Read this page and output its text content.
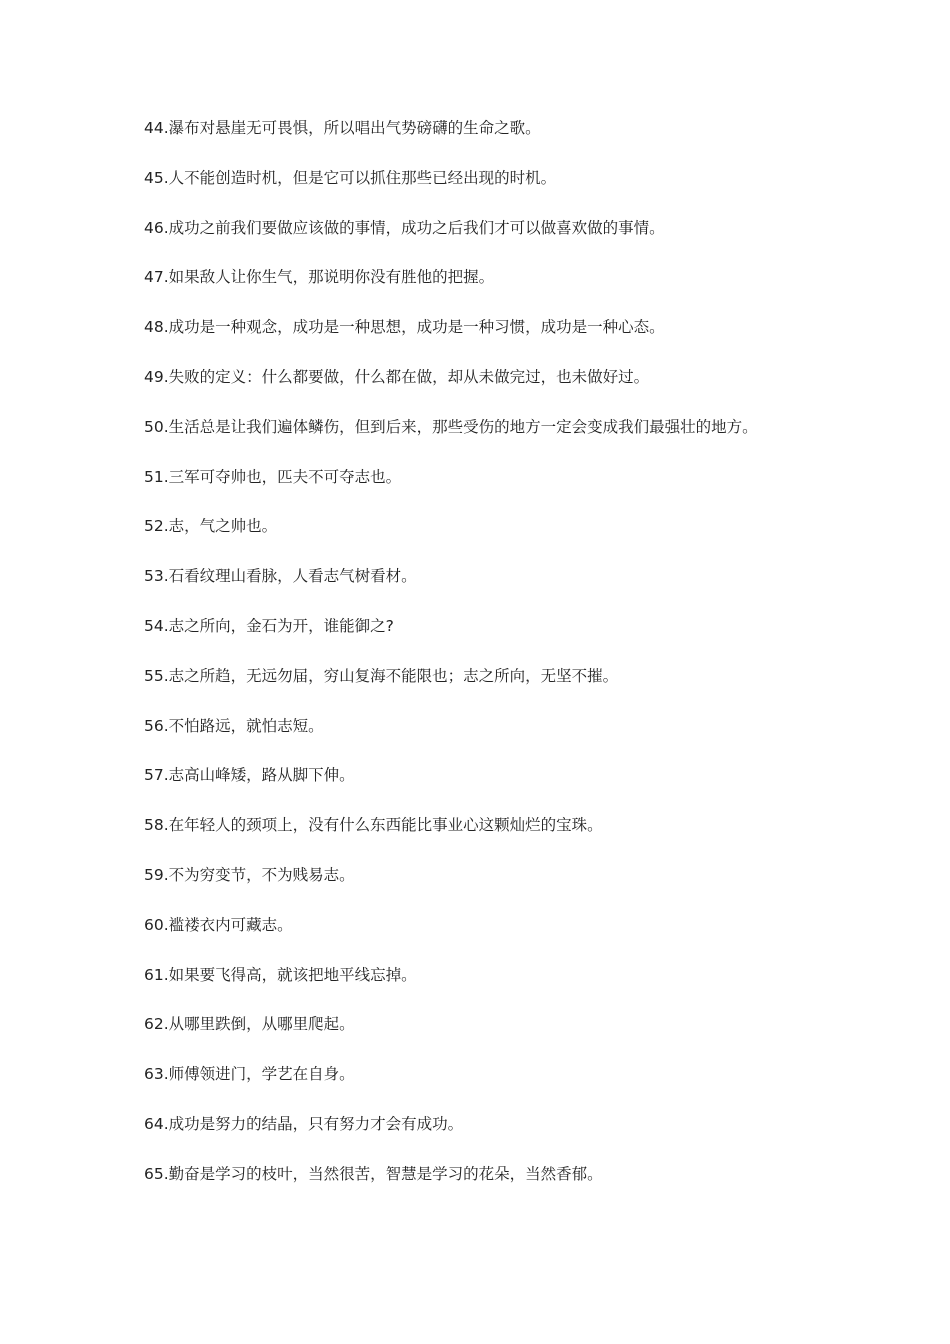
44.瀑布对悬崖无可畏惧，所以唱出气势磅礴的生命之歌。
45.人不能创造时机，但是它可以抓住那些已经出现的时机。
46.成功之前我们要做应该做的事情，成功之后我们才可以做喜欢做的事情。
47.如果敌人让你生气，那说明你没有胜他的把握。
48.成功是一种观念，成功是一种思想，成功是一种习惯，成功是一种心态。
49.失败的定义：什么都要做，什么都在做，却从未做完过，也未做好过。
50.生活总是让我们遍体鳞伤，但到后来，那些受伤的地方一定会变成我们最强壮的地方。
51.三军可夺帅也，匹夫不可夺志也。
52.志，气之帅也。
53.石看纹理山看脉，人看志气树看材。
54.志之所向，金石为开，谁能御之?
55.志之所趋，无远勿届，穷山复海不能限也；志之所向，无坚不摧。
56.不怕路远，就怕志短。
57.志高山峰矮，路从脚下伸。
58.在年轻人的颈项上，没有什么东西能比事业心这颗灿烂的宝珠。
59.不为穷变节，不为贱易志。
60.褴褛衣内可藏志。
61.如果要飞得高，就该把地平线忘掉。
62.从哪里跌倒，从哪里爬起。
63.师傅领进门，学艺在自身。
64.成功是努力的结晶，只有努力才会有成功。
65.勤奋是学习的枝叶，当然很苦，智慧是学习的花朵，当然香郁。
